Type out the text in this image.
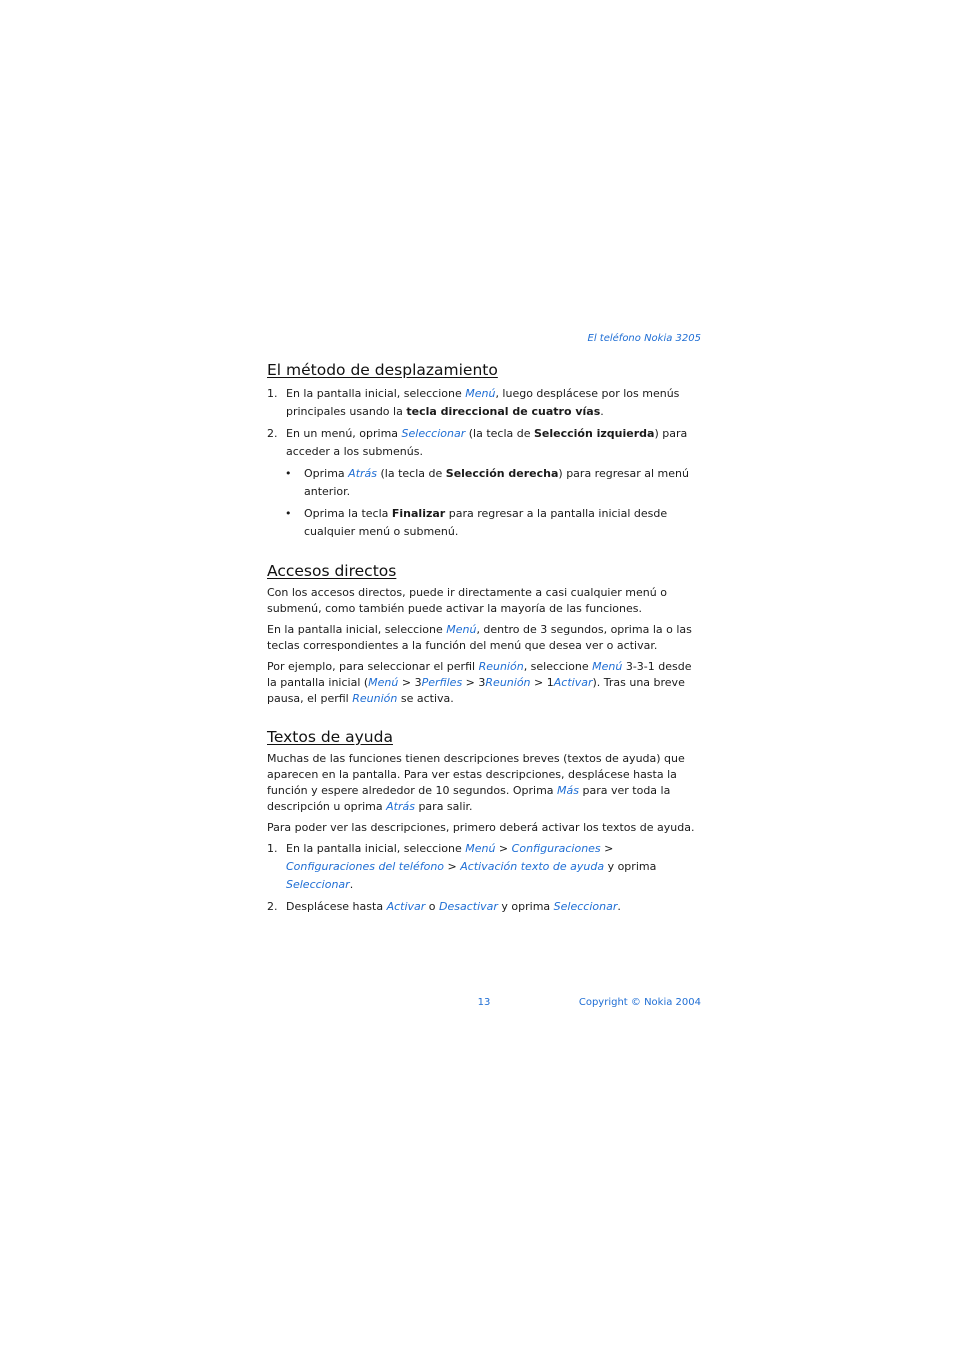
El teléfono Nokia 3205
El método de desplazamiento
1. En la pantalla inicial, seleccione Menú, luego desplácese por los menús principales usando la tecla direccional de cuatro vías.
2. En un menú, oprima Seleccionar (la tecla de Selección izquierda) para acceder a los submenús.
• Oprima Atrás (la tecla de Selección derecha) para regresar al menú anterior.
• Oprima la tecla Finalizar para regresar a la pantalla inicial desde cualquier menú o submenú.
Accesos directos

Con los accesos directos, puede ir directamente a casi cualquier menú o submenú, como también puede activar la mayoría de las funciones.

En la pantalla inicial, seleccione Menú, dentro de 3 segundos, oprima la o las teclas correspondientes a la función del menú que desea ver o activar.

Por ejemplo, para seleccionar el perfil Reunión, seleccione Menú 3-3-1 desde la pantalla inicial (Menú > 3Perfiles > 3Reunión > 1Activar). Tras una breve pausa, el perfil Reunión se activa.

Textos de ayuda

Muchas de las funciones tienen descripciones breves (textos de ayuda) que aparecen en la pantalla. Para ver estas descripciones, desplácese hasta la función y espere alrededor de 10 segundos. Oprima Más para ver toda la descripción u oprima Atrás para salir.

Para poder ver las descripciones, primero deberá activar los textos de ayuda.

1. En la pantalla inicial, seleccione Menú > Configuraciones > Configuraciones del teléfono > Activación texto de ayuda y oprima Seleccionar.
2. Desplácese hasta Activar o Desactivar y oprima Seleccionar.
13	Copyright © Nokia 2004
